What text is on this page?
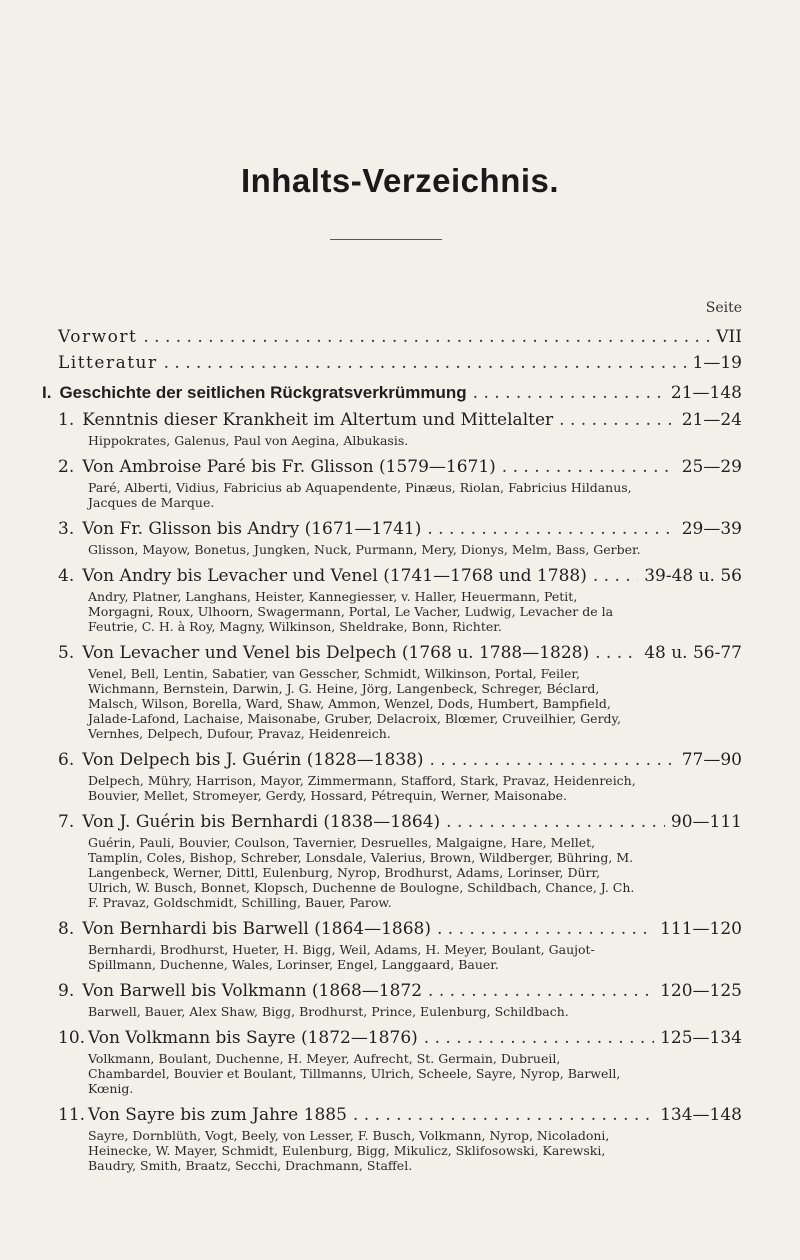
Inhalts-Verzeichnis.
Seite
Vorwort . . .	VII
Litteratur . . .	1—19
I. Geschichte der seitlichen Rückgratsverkrümmung . . .	21—148
1. Kenntnis dieser Krankheit im Altertum und Mittelalter . . .	21—24
Hippokrates, Galenus, Paul von Aegina, Albukasis.
2. Von Ambroise Paré bis Fr. Glisson (1579—1671) . . .	25—29
Paré, Alberti, Vidius, Fabricius ab Aquapendente, Pinæus, Riolan, Fabricius Hildanus, Jacques de Marque.
3. Von Fr. Glisson bis Andry (1671—1741) . . .	29—39
Glisson, Mayow, Bonetus, Jungken, Nuck, Purmann, Mery, Dionys, Melm, Bass, Gerber.
4. Von Andry bis Levacher und Venel (1741—1768 und 1788) . . .	39-48 u. 56
Andry, Platner, Langhans, Heister, Kannegiesser, v. Haller, Heuermann, Petit, Morgagni, Roux, Ulhoorn, Swagermann, Portal, Le Vacher, Ludwig, Levacher de la Feutrie, C. H. à Roy, Magny, Wilkinson, Sheldrake, Bonn, Richter.
5. Von Levacher und Venel bis Delpech (1768 u. 1788—1828) . . .	48 u. 56-77
Venel, Bell, Lentin, Sabatier, van Gesscher, Schmidt, Wilkinson, Portal, Feiler, Wichmann, Bernstein, Darwin, J. G. Heine, Jörg, Langenbeck, Schreger, Béclard, Malsch, Wilson, Borella, Ward, Shaw, Ammon, Wenzel, Dods, Humbert, Bampfield, Jalade-Lafond, Lachaise, Maisonabe, Gruber, Delacroix, Blœmer, Cruveilhier, Gerdy, Vernhes, Delpech, Dufour, Pravaz, Heidenreich.
6. Von Delpech bis J. Guérin (1828—1838) . . .	77—90
Delpech, Mühry, Harrison, Mayor, Zimmermann, Stafford, Stark, Pravaz, Heidenreich, Bouvier, Mellet, Stromeyer, Gerdy, Hossard, Pétrequin, Werner, Maisonabe.
7. Von J. Guérin bis Bernhardi (1838—1864) . . .	90—111
Guérin, Pauli, Bouvier, Coulson, Tavernier, Desruelles, Malgaigne, Hare, Mellet, Tamplin, Coles, Bishop, Schreber, Lonsdale, Valerius, Brown, Wildberger, Bühring, M. Langenbeck, Werner, Dittl, Eulenburg, Nyrop, Brodhurst, Adams, Lorinser, Dürr, Ulrich, W. Busch, Bonnet, Klopsch, Duchenne de Boulogne, Schildbach, Chance, J. Ch. F. Pravaz, Goldschmidt, Schilling, Bauer, Parow.
8. Von Bernhardi bis Barwell (1864—1868) . . .	111—120
Bernhardi, Brodhurst, Hueter, H. Bigg, Weil, Adams, H. Meyer, Boulant, Gaujot-Spillmann, Duchenne, Wales, Lorinser, Engel, Langgaard, Bauer.
9. Von Barwell bis Volkmann (1868—1872 . . .	120—125
Barwell, Bauer, Alex Shaw, Bigg, Brodhurst, Prince, Eulenburg, Schildbach.
10. Von Volkmann bis Sayre (1872—1876) . . .	125—134
Volkmann, Boulant, Duchenne, H. Meyer, Aufrecht, St. Germain, Dubrueil, Chambardel, Bouvier et Boulant, Tillmanns, Ulrich, Scheele, Sayre, Nyrop, Barwell, Kœnig.
11. Von Sayre bis zum Jahre 1885 . . .	134—148
Sayre, Dornblüth, Vogt, Beely, von Lesser, F. Busch, Volkmann, Nyrop, Nicoladoni, Heinecke, W. Mayer, Schmidt, Eulenburg, Bigg, Mikulicz, Sklifosowski, Karewski, Baudry, Smith, Braatz, Secchi, Drachmann, Staffel.
